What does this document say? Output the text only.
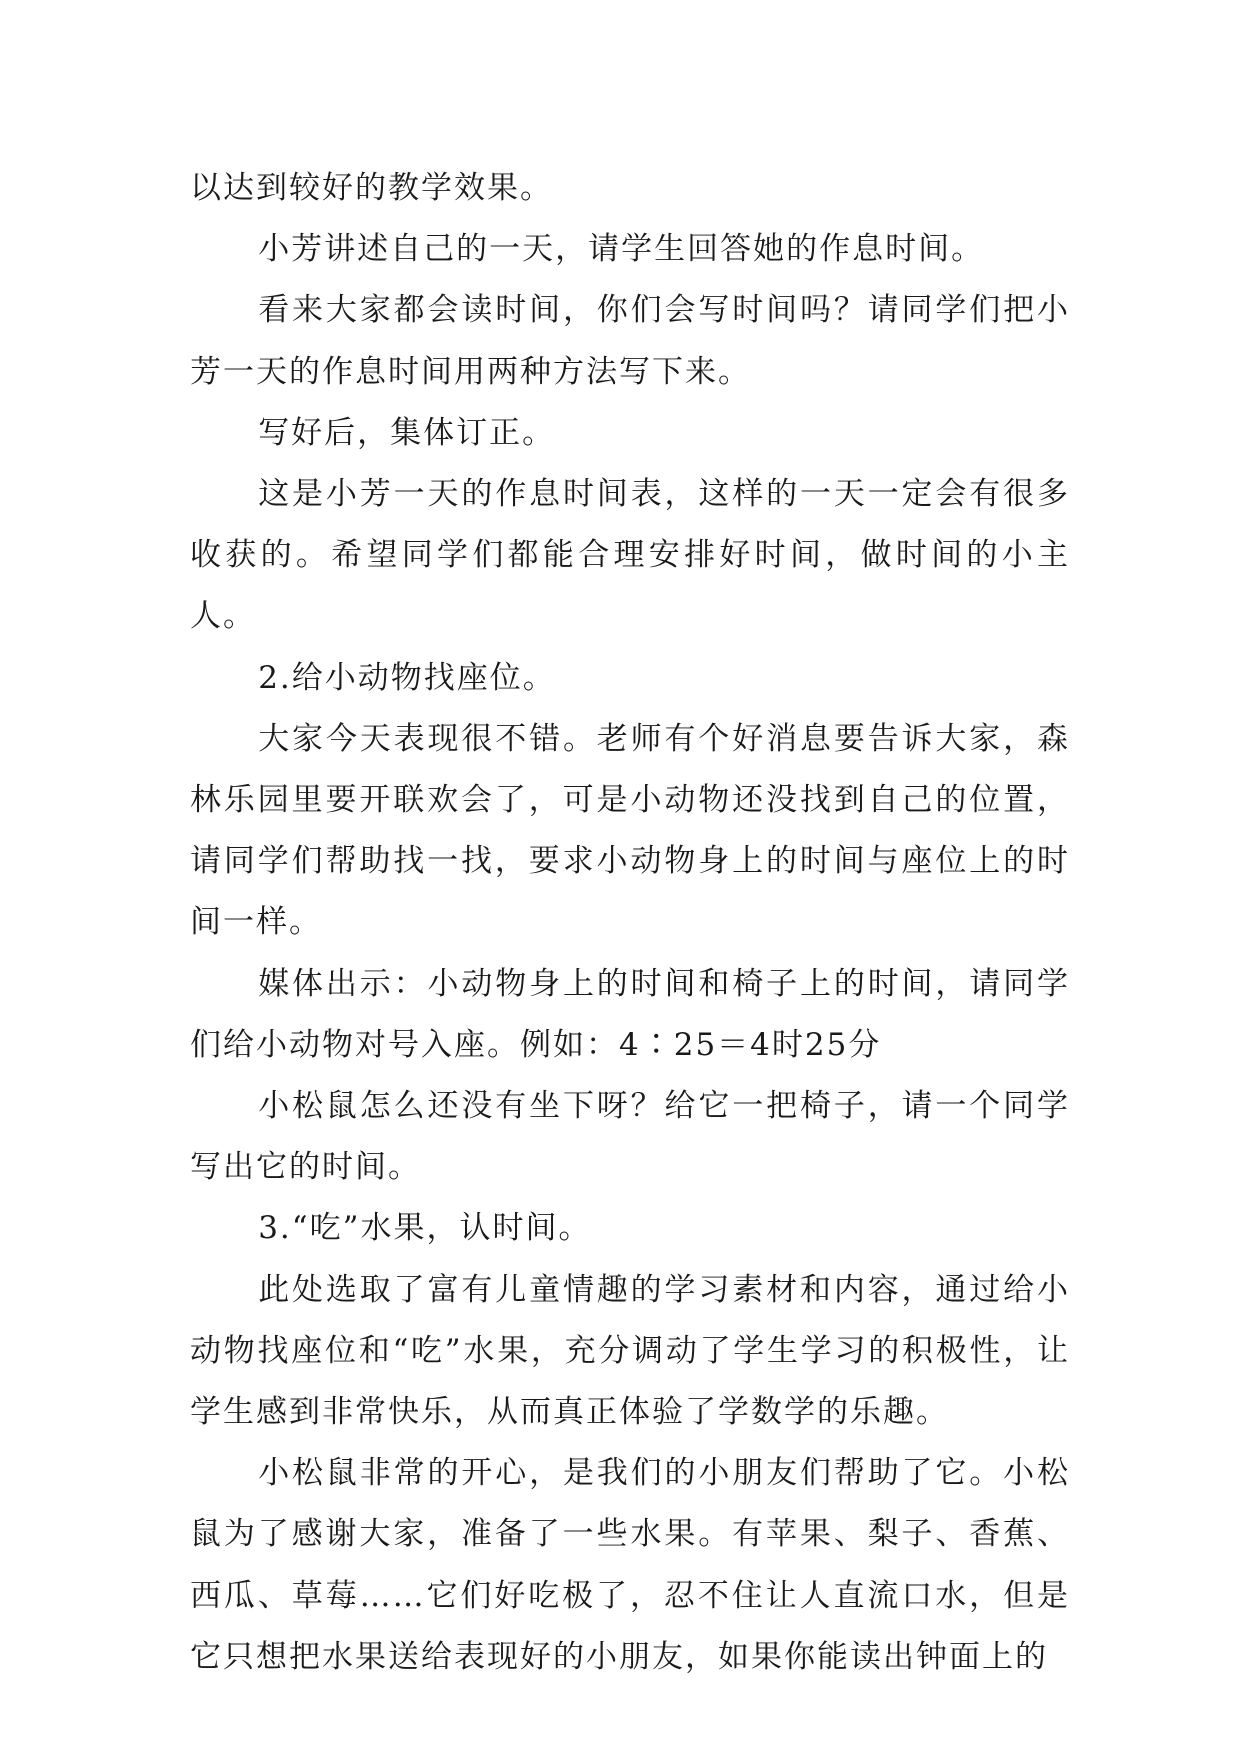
以达到较好的教学效果。

小芳讲述自己的一天，请学生回答她的作息时间。

看来大家都会读时间，你们会写时间吗？请同学们把小芳一天的作息时间用两种方法写下来。

写好后，集体订正。

这是小芳一天的作息时间表，这样的一天一定会有很多收获的。希望同学们都能合理安排好时间，做时间的小主人。

2.给小动物找座位。

大家今天表现很不错。老师有个好消息要告诉大家，森林乐园里要开联欢会了，可是小动物还没找到自己的位置，请同学们帮助找一找，要求小动物身上的时间与座位上的时间一样。

媒体出示：小动物身上的时间和椅子上的时间，请同学们给小动物对号入座。例如：4∶25＝4时25分

小松鼠怎么还没有坐下呀？给它一把椅子，请一个同学写出它的时间。

3.“吃”水果，认时间。

此处选取了富有儿童情趣的学习素材和内容，通过给小动物找座位和“吃”水果，充分调动了学生学习的积极性，让学生感到非常快乐，从而真正体验了学数学的乐趣。

小松鼠非常的开心，是我们的小朋友们帮助了它。小松鼠为了感谢大家，准备了一些水果。有苹果、梨子、香蕉、西瓜、草莓……它们好吃极了，忍不住让人直流口水，但是它只想把水果送给表现好的小朋友，如果你能读出钟面上的
